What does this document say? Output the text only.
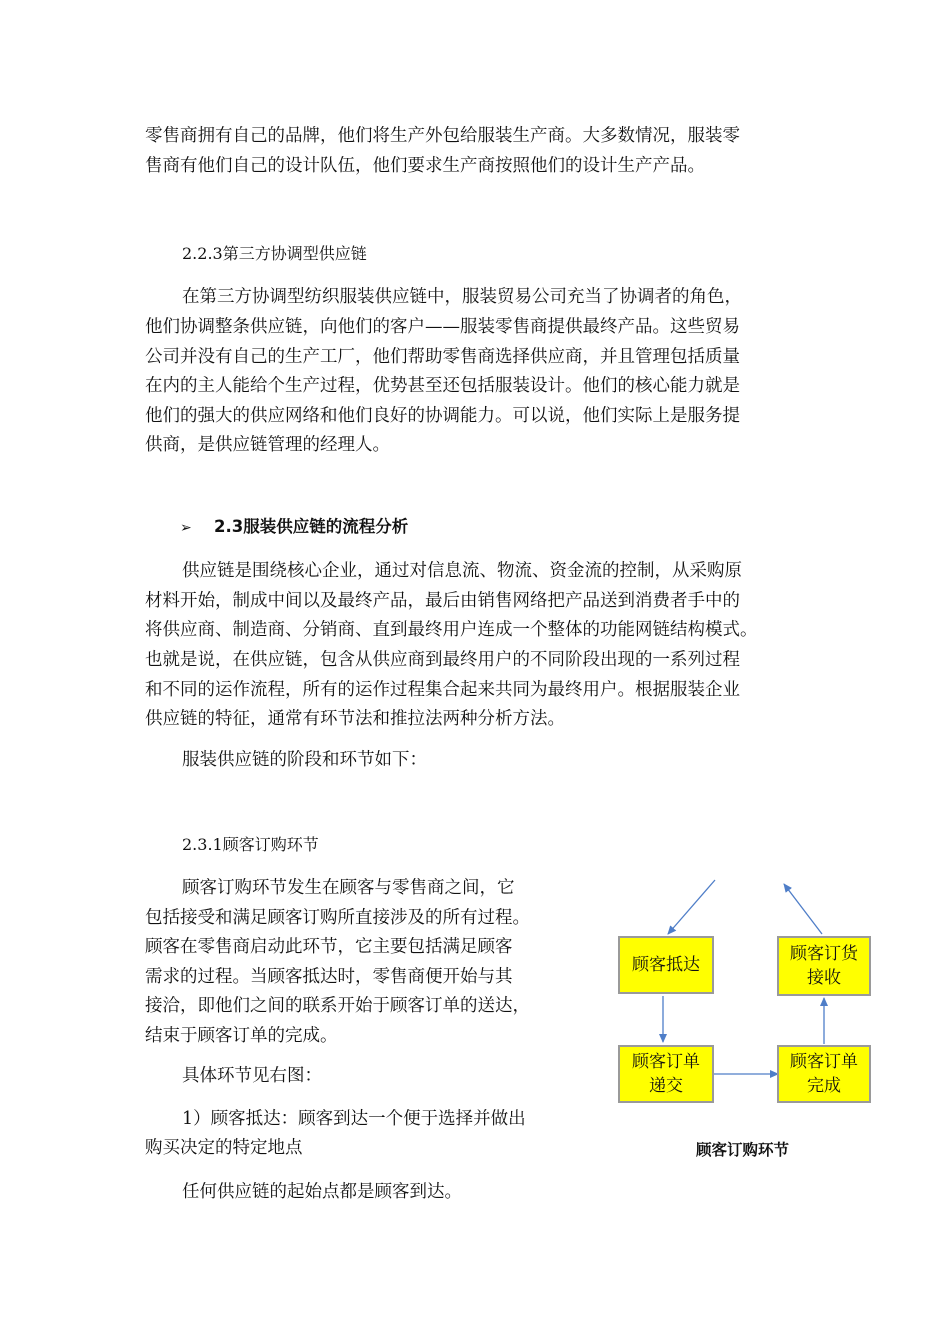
零售商拥有自己的品牌，他们将生产外包给服装生产商。大多数情况，服装零

售商有他们自己的设计队伍，他们要求生产商按照他们的设计生产产品。

2.2.3第三方协调型供应链

在第三方协调型纺织服装供应链中，服装贸易公司充当了协调者的角色，

他们协调整条供应链，向他们的客户——服装零售商提供最终产品。这些贸易

公司并没有自己的生产工厂，他们帮助零售商选择供应商，并且管理包括质量

在内的主人能给个生产过程，优势甚至还包括服装设计。他们的核心能力就是

他们的强大的供应网络和他们良好的协调能力。可以说，他们实际上是服务提

供商，是供应链管理的经理人。

➢ 2.3服装供应链的流程分析

供应链是围绕核心企业，通过对信息流、物流、资金流的控制，从采购原

材料开始，制成中间以及最终产品，最后由销售网络把产品送到消费者手中的

将供应商、制造商、分销商、直到最终用户连成一个整体的功能网链结构模式。

也就是说，在供应链，包含从供应商到最终用户的不同阶段出现的一系列过程

和不同的运作流程，所有的运作过程集合起来共同为最终用户。根据服装企业

供应链的特征，通常有环节法和推拉法两种分析方法。

服装供应链的阶段和环节如下：

2.3.1顾客订购环节

顾客订购环节发生在顾客与零售商之间，它

包括接受和满足顾客订购所直接涉及的所有过程。

顾客在零售商启动此环节，它主要包括满足顾客

需求的过程。当顾客抵达时，零售商便开始与其

接洽，即他们之间的联系开始于顾客订单的送达，

结束于顾客订单的完成。

具体环节见右图：

1）顾客抵达：顾客到达一个便于选择并做出

购买决定的特定地点

任何供应链的起始点都是顾客到达。

顾客抵达
顾客订货
接收
顾客订单
递交
顾客订单
完成
顾客订购环节
